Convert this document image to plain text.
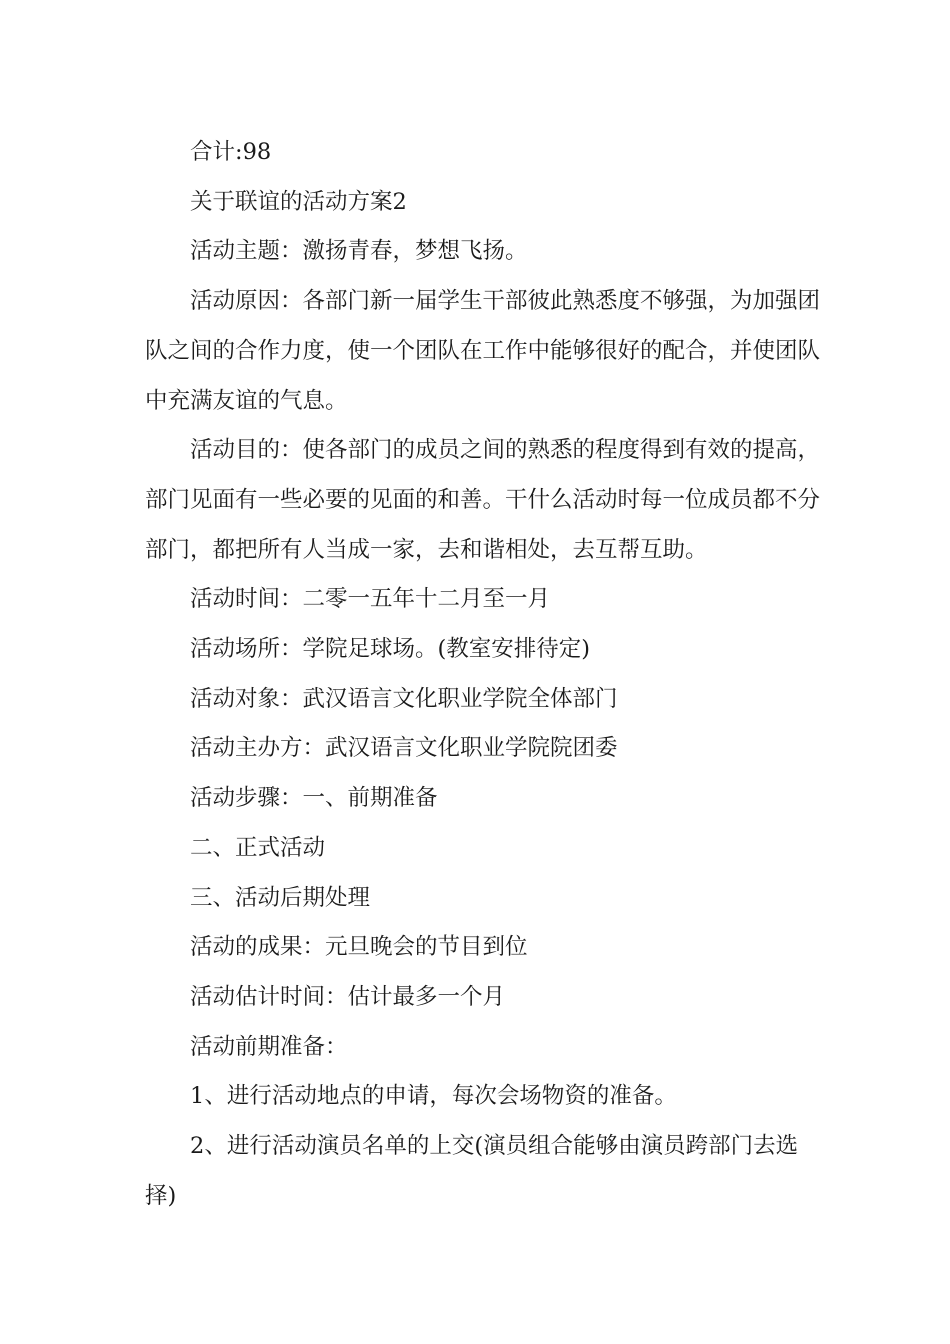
合计:98

关于联谊的活动方案2

活动主题：激扬青春，梦想飞扬。

活动原因：各部门新一届学生干部彼此熟悉度不够强，为加强团队之间的合作力度，使一个团队在工作中能够很好的配合，并使团队中充满友谊的气息。

活动目的：使各部门的成员之间的熟悉的程度得到有效的提高，部门见面有一些必要的见面的和善。干什么活动时每一位成员都不分部门，都把所有人当成一家，去和谐相处，去互帮互助。

活动时间：二零一五年十二月至一月

活动场所：学院足球场。(教室安排待定)

活动对象：武汉语言文化职业学院全体部门

活动主办方：武汉语言文化职业学院院团委

活动步骤：一、前期准备

二、正式活动

三、活动后期处理

活动的成果：元旦晚会的节目到位

活动估计时间：估计最多一个月

活动前期准备：

1、进行活动地点的申请，每次会场物资的准备。

2、进行活动演员名单的上交(演员组合能够由演员跨部门去选择)
